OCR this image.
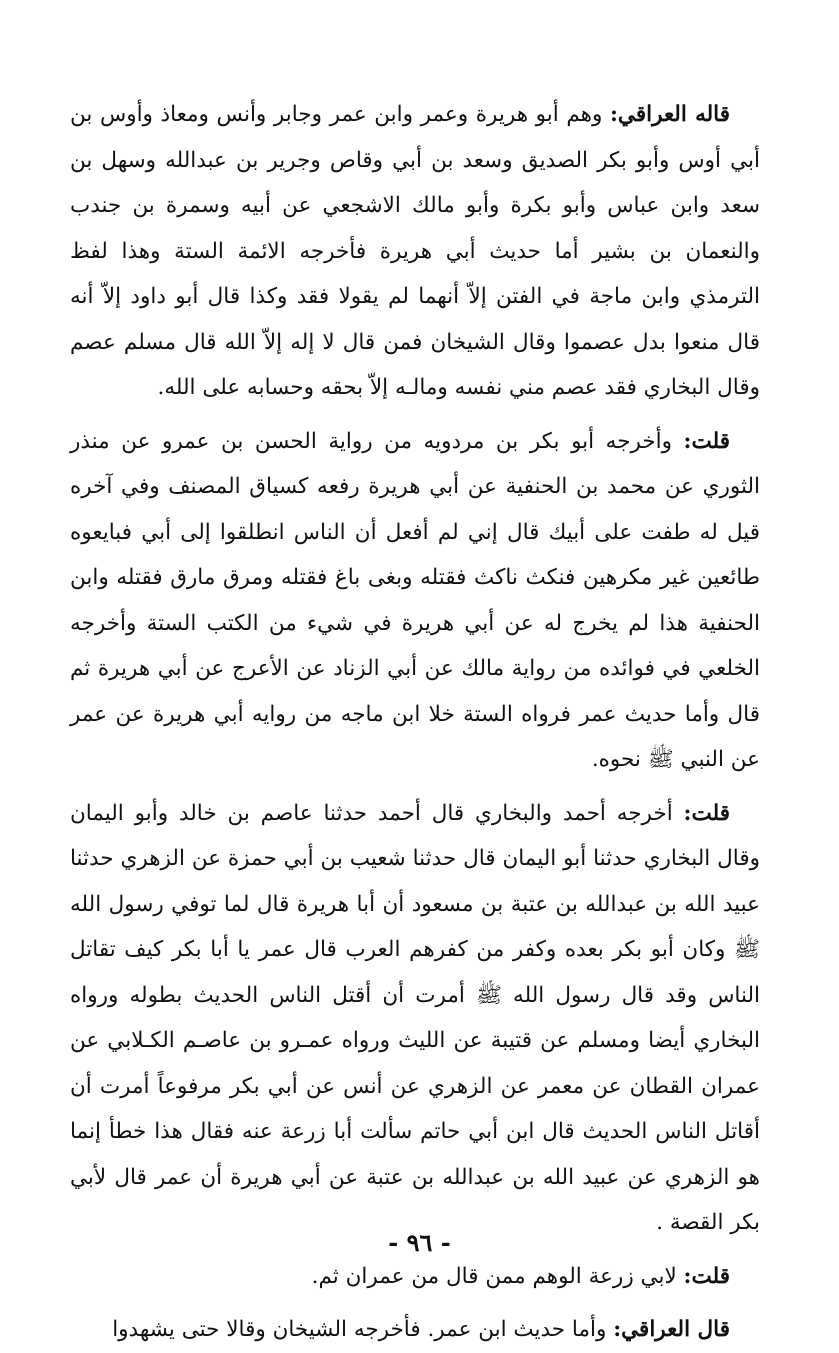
قاله العراقي: وهم أبو هريرة وعمر وابن عمر وجابر وأنس ومعاذ وأوس بن أبي أوس وأبو بكر الصديق وسعد بن أبي وقاص وجرير بن عبدالله وسهل بن سعد وابن عباس وأبو بكرة وأبو مالك الاشجعي عن أبيه وسمرة بن جندب والنعمان بن بشير أما حديث أبي هريرة فأخرجه الائمة الستة وهذا لفظ الترمذي وابن ماجة في الفتن إلاّ أنهما لم يقولا فقد وكذا قال أبو داود إلاّ أنه قال منعوا بدل عصموا وقال الشيخان فمن قال لا إله إلاّ الله قال مسلم عصم وقال البخاري فقد عصم مني نفسه ومالـه إلاّ بحقه وحسابه على الله.

قلت: وأخرجه أبو بكر بن مردويه من رواية الحسن بن عمرو عن منذر الثوري عن محمد بن الحنفية عن أبي هريرة رفعه كسياق المصنف وفي آخره قيل له طفت على أبيك قال إني لم أفعل أن الناس انطلقوا إلى أبي فبايعوه طائعين غير مكرهين فنكث ناكث فقتله وبغى باغ فقتله ومرق مارق فقتله وابن الحنفية هذا لم يخرج له عن أبي هريرة في شيء من الكتب الستة وأخرجه الخلعي في فوائده من رواية مالك عن أبي الزناد عن الأعرج عن أبي هريرة ثم قال وأما حديث عمر فرواه الستة خلا ابن ماجه من روايه أبي هريرة عن عمر عن النبي ﷺ نحوه.

قلت: أخرجه أحمد والبخاري قال أحمد حدثنا عاصم بن خالد وأبو اليمان وقال البخاري حدثنا أبو اليمان قال حدثنا شعيب بن أبي حمزة عن الزهري حدثنا عبيد الله بن عبدالله بن عتبة بن مسعود أن أبا هريرة قال لما توفي رسول الله ﷺ وكان أبو بكر بعده وكفر من كفرهم العرب قال عمر يا أبا بكر كيف تقاتل الناس وقد قال رسول الله ﷺ أمرت أن أقتل الناس الحديث بطوله ورواه البخاري أيضا ومسلم عن قتيبة عن الليث ورواه عمـرو بن عاصـم الكـلابي عن عمران القطان عن معمر عن الزهري عن أنس عن أبي بكر مرفوعاً أمرت أن أقاتل الناس الحديث قال ابن أبي حاتم سألت أبا زرعة عنه فقال هذا خطأ إنما هو الزهري عن عبيد الله بن عبدالله بن عتبة عن أبي هريرة أن عمر قال لأبي بكر القصة .

قلت: لابي زرعة الوهم ممن قال من عمران ثم.

قال العراقي: وأما حديث ابن عمر. فأخرجه الشيخان وقالا حتى يشهدوا

- ٩٦ -
